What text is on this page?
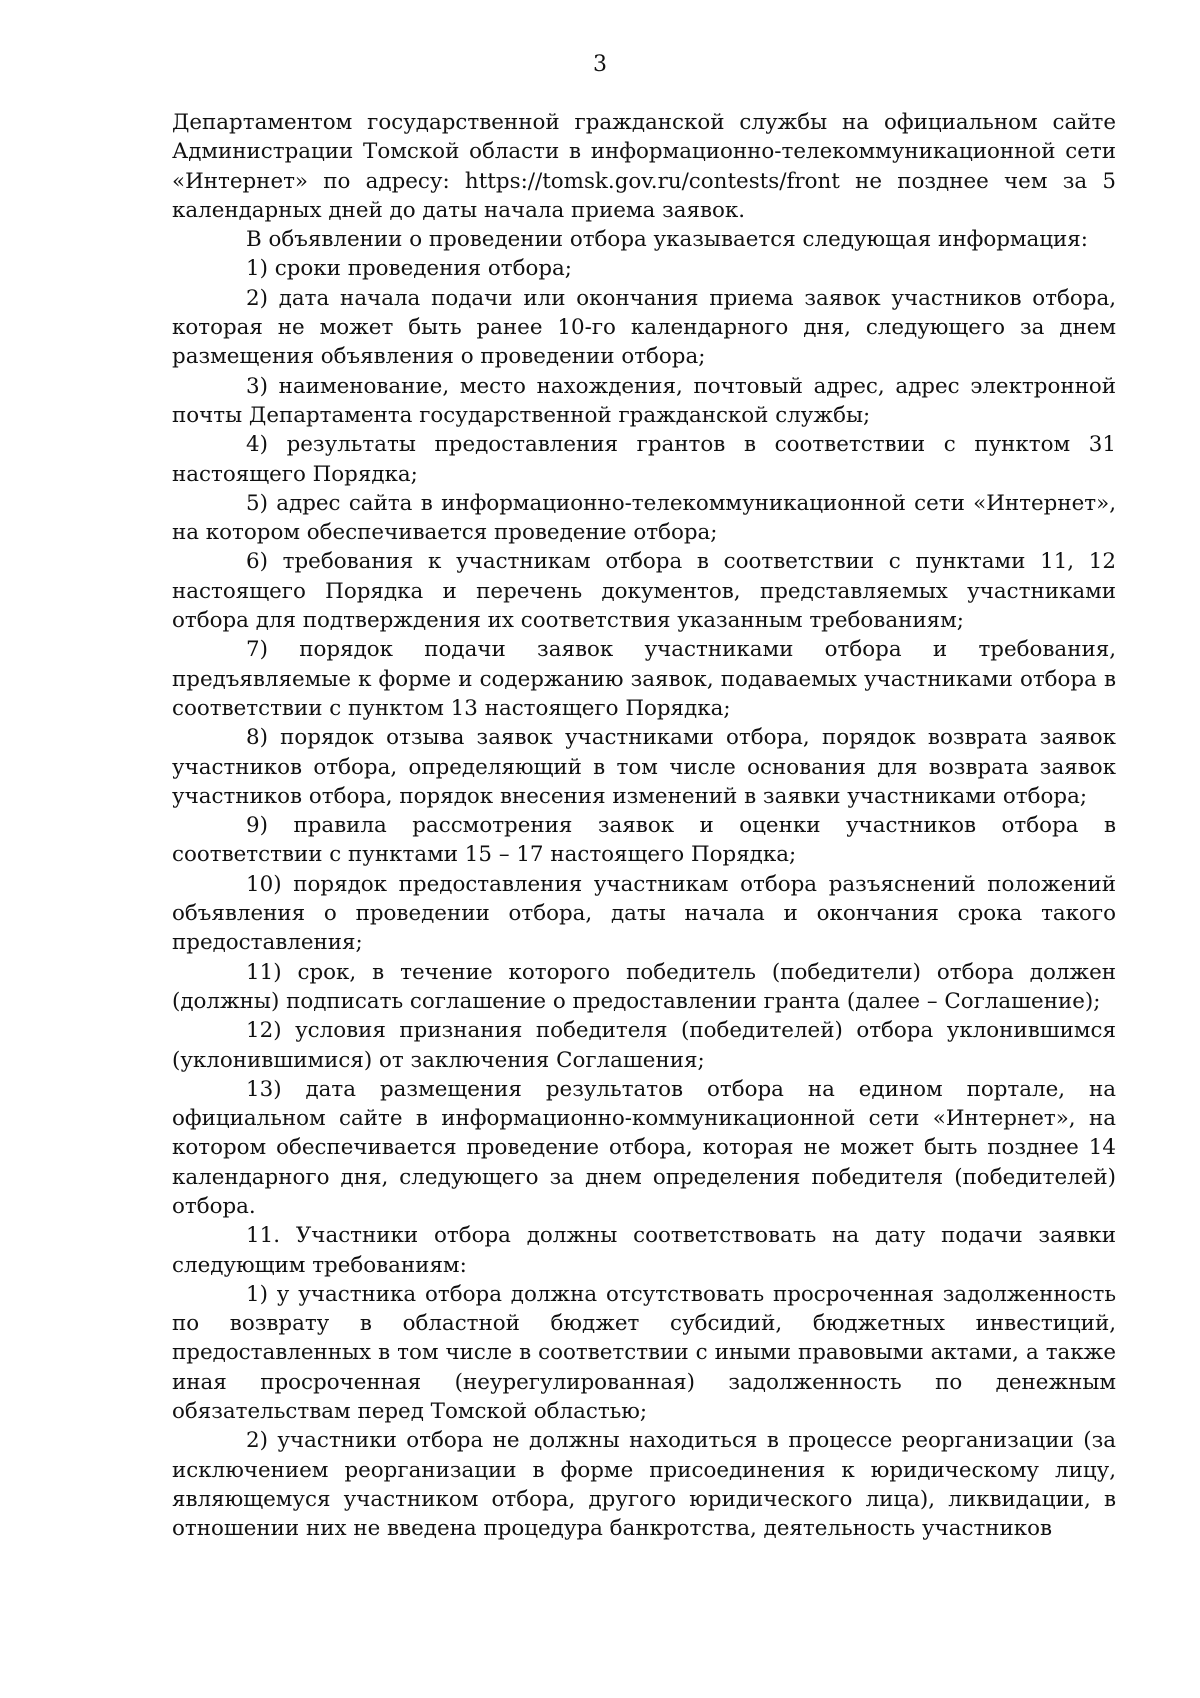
3

Департаментом государственной гражданской службы на официальном сайте Администрации Томской области в информационно-телекоммуникационной сети «Интернет» по адресу: https://tomsk.gov.ru/contests/front не позднее чем за 5 календарных дней до даты начала приема заявок.

В объявлении о проведении отбора указывается следующая информация:

1) сроки проведения отбора;

2) дата начала подачи или окончания приема заявок участников отбора, которая не может быть ранее 10-го календарного дня, следующего за днем размещения объявления о проведении отбора;

3) наименование, место нахождения, почтовый адрес, адрес электронной почты Департамента государственной гражданской службы;

4) результаты предоставления грантов в соответствии с пунктом 31 настоящего Порядка;

5) адрес сайта в информационно-телекоммуникационной сети «Интернет», на котором обеспечивается проведение отбора;

6) требования к участникам отбора в соответствии с пунктами 11, 12 настоящего Порядка и перечень документов, представляемых участниками отбора для подтверждения их соответствия указанным требованиям;

7) порядок подачи заявок участниками отбора и требования, предъявляемые к форме и содержанию заявок, подаваемых участниками отбора в соответствии с пунктом 13 настоящего Порядка;

8) порядок отзыва заявок участниками отбора, порядок возврата заявок участников отбора, определяющий в том числе основания для возврата заявок участников отбора, порядок внесения изменений в заявки участниками отбора;

9) правила рассмотрения заявок и оценки участников отбора в соответствии с пунктами 15 – 17 настоящего Порядка;

10) порядок предоставления участникам отбора разъяснений положений объявления о проведении отбора, даты начала и окончания срока такого предоставления;

11) срок, в течение которого победитель (победители) отбора должен (должны) подписать соглашение о предоставлении гранта (далее – Соглашение);

12) условия признания победителя (победителей) отбора уклонившимся (уклонившимися) от заключения Соглашения;

13) дата размещения результатов отбора на едином портале, на официальном сайте в информационно-коммуникационной сети «Интернет», на котором обеспечивается проведение отбора, которая не может быть позднее 14 календарного дня, следующего за днем определения победителя (победителей) отбора.

11. Участники отбора должны соответствовать на дату подачи заявки следующим требованиям:

1) у участника отбора должна отсутствовать просроченная задолженность по возврату в областной бюджет субсидий, бюджетных инвестиций, предоставленных в том числе в соответствии с иными правовыми актами, а также иная просроченная (неурегулированная) задолженность по денежным обязательствам перед Томской областью;

2) участники отбора не должны находиться в процессе реорганизации (за исключением реорганизации в форме присоединения к юридическому лицу, являющемуся участником отбора, другого юридического лица), ликвидации, в отношении них не введена процедура банкротства, деятельность участников
